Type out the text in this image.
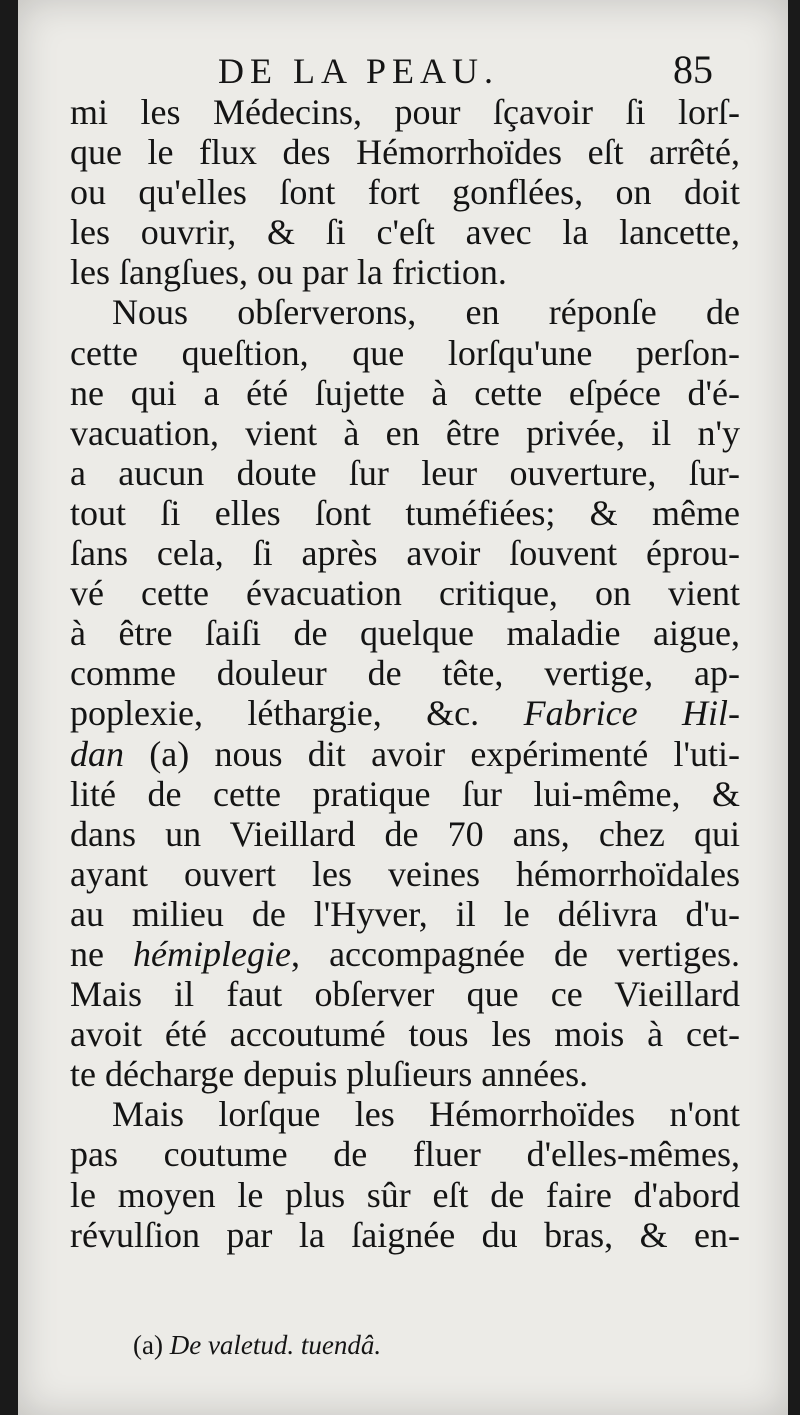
DE LA PEAU.	85
mi les Médecins, pour ſçavoir ſi lorſ-
que le flux des Hémorrhoïdes eſt arrêté,
ou qu'elles ſont fort gonflées, on doit
les ouvrir, & ſi c'eſt avec la lancette,
les ſangſues, ou par la friction.
Nous obſerverons, en réponſe de
cette queſtion, que lorſqu'une perſon-
ne qui a été ſujette à cette eſpéce d'é-
vacuation, vient à en être privée, il n'y
a aucun doute ſur leur ouverture, ſur-
tout ſi elles ſont tuméfiées; & même
ſans cela, ſi après avoir ſouvent éprou-
vé cette évacuation critique, on vient
à être ſaiſi de quelque maladie aigue,
comme douleur de tête, vertige, ap-
poplexie, léthargie, &c. Fabrice Hil-
dan (a) nous dit avoir expérimenté l'uti-
lité de cette pratique ſur lui-même, &
dans un Vieillard de 70 ans, chez qui
ayant ouvert les veines hémorrhoïdales
au milieu de l'Hyver, il le délivra d'u-
ne hémiplegie, accompagnée de vertiges.
Mais il faut obſerver que ce Vieillard
avoit été accoutumé tous les mois à cet-
te décharge depuis pluſieurs années.
Mais lorſque les Hémorrhoïdes n'ont
pas coutume de fluer d'elles-mêmes,
le moyen le plus sûr eſt de faire d'abord
révulſion par la ſaignée du bras, & en-
(a) De valetud. tuendâ.
